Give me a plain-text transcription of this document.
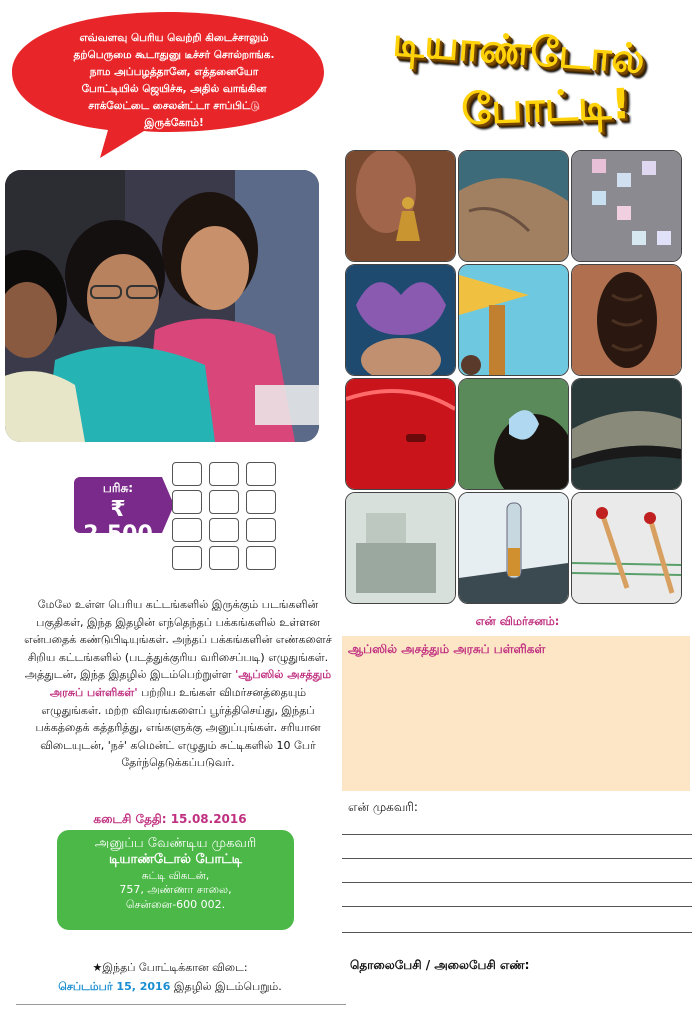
எவ்வளவு பெரிய வெற்றி கிடைச்சாலும்
தற்பெருமை கூடாதுனு டீச்சர் சொல்றாங்க.
நாம அப்பழத்தானே, எத்தனையோ
போட்டியில் ஜெயிச்சு, அதில் வாங்கின
சாக்லேட்டை சைலன்ட்டா சாப்பிட்டு
இருக்கோம்!
டியாண்டோல்
போட்டி!
பரிசு:
₹ 2,500
மேலே உள்ள பெரிய கட்டங்களில் இருக்கும் படங்களின் பகுதிகள், இந்த இதழின் எந்தெந்தப் பக்கங்களில் உள்ளன என்பதைக் கண்டுபிடியுங்கள். அந்தப் பக்கங்களின் எண்களைச் சிறிய கட்டங்களில் (படத்துக்குரிய வரிசைப்படி) எழுதுங்கள். அத்துடன், இந்த இதழில் இடம்பெற்றுள்ள 'ஆப்ஸில் அசத்தும் அரசுப் பள்ளிகள்' பற்றிய உங்கள் விமர்சனத்தையும் எழுதுங்கள். மற்ற விவரங்களைப் பூர்த்திசெய்து, இந்தப் பக்கத்தைக் கத்தரித்து, எங்களுக்கு அனுப்புங்கள். சரியான விடையுடன், 'நச்' கமென்ட் எழுதும் சுட்டிகளில் 10 பேர் தேர்ந்தெடுக்கப்படுவர்.
கடைசி தேதி: 15.08.2016
அனுப்ப வேண்டிய முகவரி
டியாண்டோல் போட்டி
சுட்டி விகடன்,
757, அண்ணா சாலை,
சென்னை-600 002.
★இந்தப் போட்டிக்கான விடை:
செப்டம்பர் 15, 2016 இதழில் இடம்பெறும்.
என் விமர்சனம்:
ஆப்ஸில் அசத்தும் அரசுப் பள்ளிகள்
என் முகவரி:
தொலைபேசி / அலைபேசி எண்:
